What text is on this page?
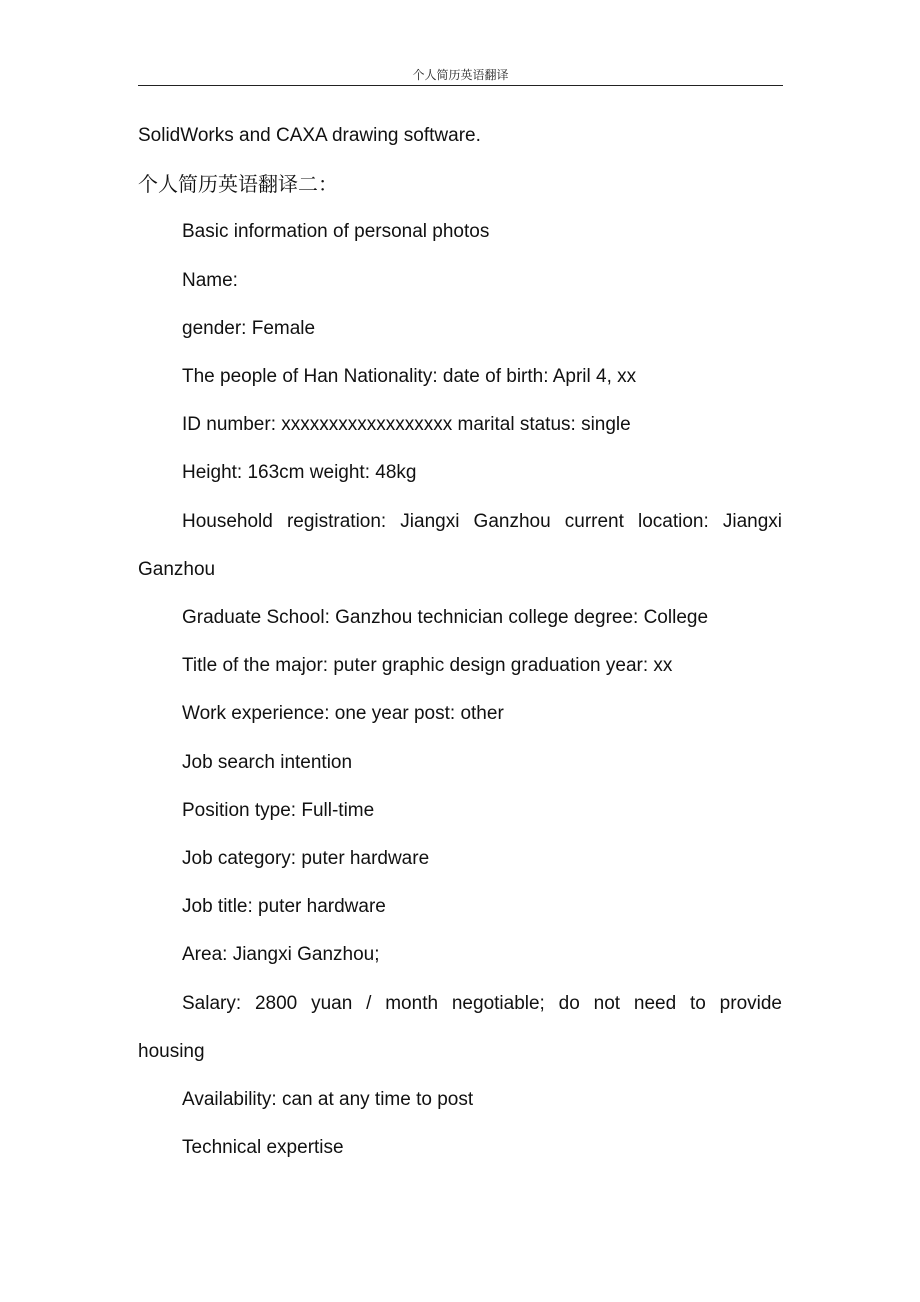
个人简历英语翻译
SolidWorks and CAXA drawing software.
个人简历英语翻译二：
Basic information of personal photos
Name:
gender: Female
The people of Han Nationality: date of birth: April 4, xx
ID number: xxxxxxxxxxxxxxxxxx marital status: single
Height: 163cm weight: 48kg
Household registration: Jiangxi Ganzhou current location: Jiangxi
Ganzhou
Graduate School: Ganzhou technician college degree: College
Title of the major: puter graphic design graduation year: xx
Work experience: one year post: other
Job search intention
Position type: Full-time
Job category: puter hardware
Job title: puter hardware
Area: Jiangxi Ganzhou;
Salary: 2800 yuan / month negotiable; do not need to provide
housing
Availability: can at any time to post
Technical expertise
